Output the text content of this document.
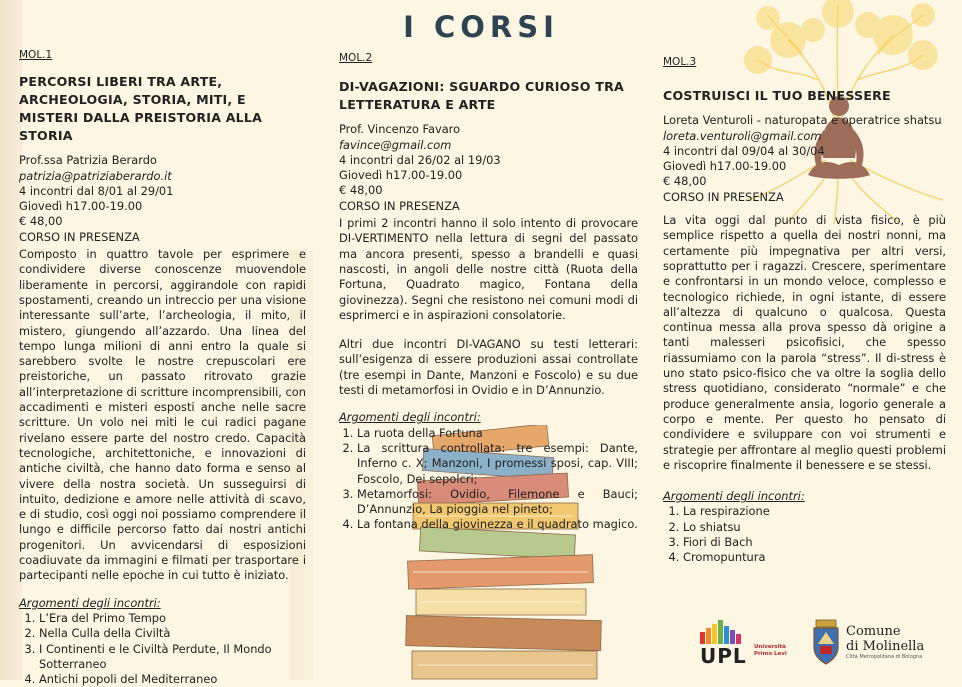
I CORSI
MOL.1
PERCORSI LIBERI TRA ARTE, ARCHEOLOGIA, STORIA, MITI, E MISTERI DALLA PREISTORIA ALLA STORIA
Prof.ssa Patrizia Berardo
patrizia@patriziaberardo.it
4 incontri dal 8/01 al 29/01
Giovedì h17.00-19.00
€ 48,00
CORSO IN PRESENZA
Composto in quattro tavole per esprimere e condividere diverse conoscenze muovendole liberamente in percorsi, aggirandole con rapidi spostamenti, creando un intreccio per una visione interessante sull’arte, l’archeologia, il mito, il mistero, giungendo all’azzardo. Una linea del tempo lunga milioni di anni entro la quale si sarebbero svolte le nostre crepuscolari ere preistoriche, un passato ritrovato grazie all’interpretazione di scritture incomprensibili, con accadimenti e misteri esposti anche nelle sacre scritture. Un volo nei miti le cui radici pagane rivelano essere parte del nostro credo. Capacità tecnologiche, architettoniche, e innovazioni di antiche civiltà, che hanno dato forma e senso al vivere della nostra società. Un susseguirsi di intuito, dedizione e amore nelle attività di scavo, e di studio, così oggi noi possiamo comprendere il lungo e difficile percorso fatto dai nostri antichi progenitori. Un avvicendarsi di esposizioni coadiuvate da immagini e filmati per trasportare i partecipanti nelle epoche in cui tutto è iniziato.
Argomenti degli incontri:
1. L’Era del Primo Tempo
2. Nella Culla della Civiltà
3. I Continenti e le Civiltà Perdute, Il Mondo Sotterraneo
4. Antichi popoli del Mediterraneo
MOL.2
DI-VAGAZIONI: SGUARDO CURIOSO TRA LETTERATURA E ARTE
Prof. Vincenzo Favaro
favince@gmail.com
4 incontri dal 26/02 al 19/03
Giovedì h17.00-19.00
€ 48,00
CORSO IN PRESENZA
I primi 2 incontri hanno il solo intento di provocare DI-VERTIMENTO nella lettura di segni del passato ma ancora presenti, spesso a brandelli e quasi nascosti, in angoli delle nostre città (Ruota della Fortuna, Quadrato magico, Fontana della giovinezza). Segni che resistono nei comuni modi di esprimerci e in aspirazioni consolatorie.
Altri due incontri DI-VAGANO su testi letterari: sull’esigenza di essere produzioni assai controllate (tre esempi in Dante, Manzoni e Foscolo) e su due testi di metamorfosi in Ovidio e in D’Annunzio.
Argomenti degli incontri:
1. La ruota della Fortuna
2. La scrittura controllata: tre esempi: Dante, Inferno c. X; Manzoni, I promessi sposi, cap. VIII; Foscolo, Dei sepolcri;
3. Metamorfosi: Ovidio, Filemone e Bauci; D’Annunzio, La pioggia nel pineto;
4. La fontana della giovinezza e il quadrato magico.
MOL.3
COSTRUISCI IL TUO BENESSERE
Loreta Venturoli - naturopata e operatrice shatsu
loreta.venturoli@gmail.com
4 incontri dal 09/04 al 30/04
Giovedì h17.00-19.00
€ 48,00
CORSO IN PRESENZA
La vita oggi dal punto di vista fisico, è più semplice rispetto a quella dei nostri nonni, ma certamente più impegnativa per altri versi, soprattutto per i ragazzi. Crescere, sperimentare e confrontarsi in un mondo veloce, complesso e tecnologico richiede, in ogni istante, di essere all’altezza di qualcuno o qualcosa. Questa continua messa alla prova spesso dà origine a tanti malesseri psicofisici, che spesso riassumiamo con la parola “stress”. Il di-stress è uno stato psico-fisico che va oltre la soglia dello stress quotidiano, considerato “normale” e che produce generalmente ansia, logorio generale a corpo e mente. Per questo ho pensato di condividere e sviluppare con voi strumenti e strategie per affrontare al meglio questi problemi e riscoprire finalmente il benessere e se stessi.
Argomenti degli incontri:
1. La respirazione
2. Lo shiatsu
3. Fiori di Bach
4. Cromopuntura
UPL Università
Primo Levi
Comune
di Molinella
Città Metropolitana di Bologna
